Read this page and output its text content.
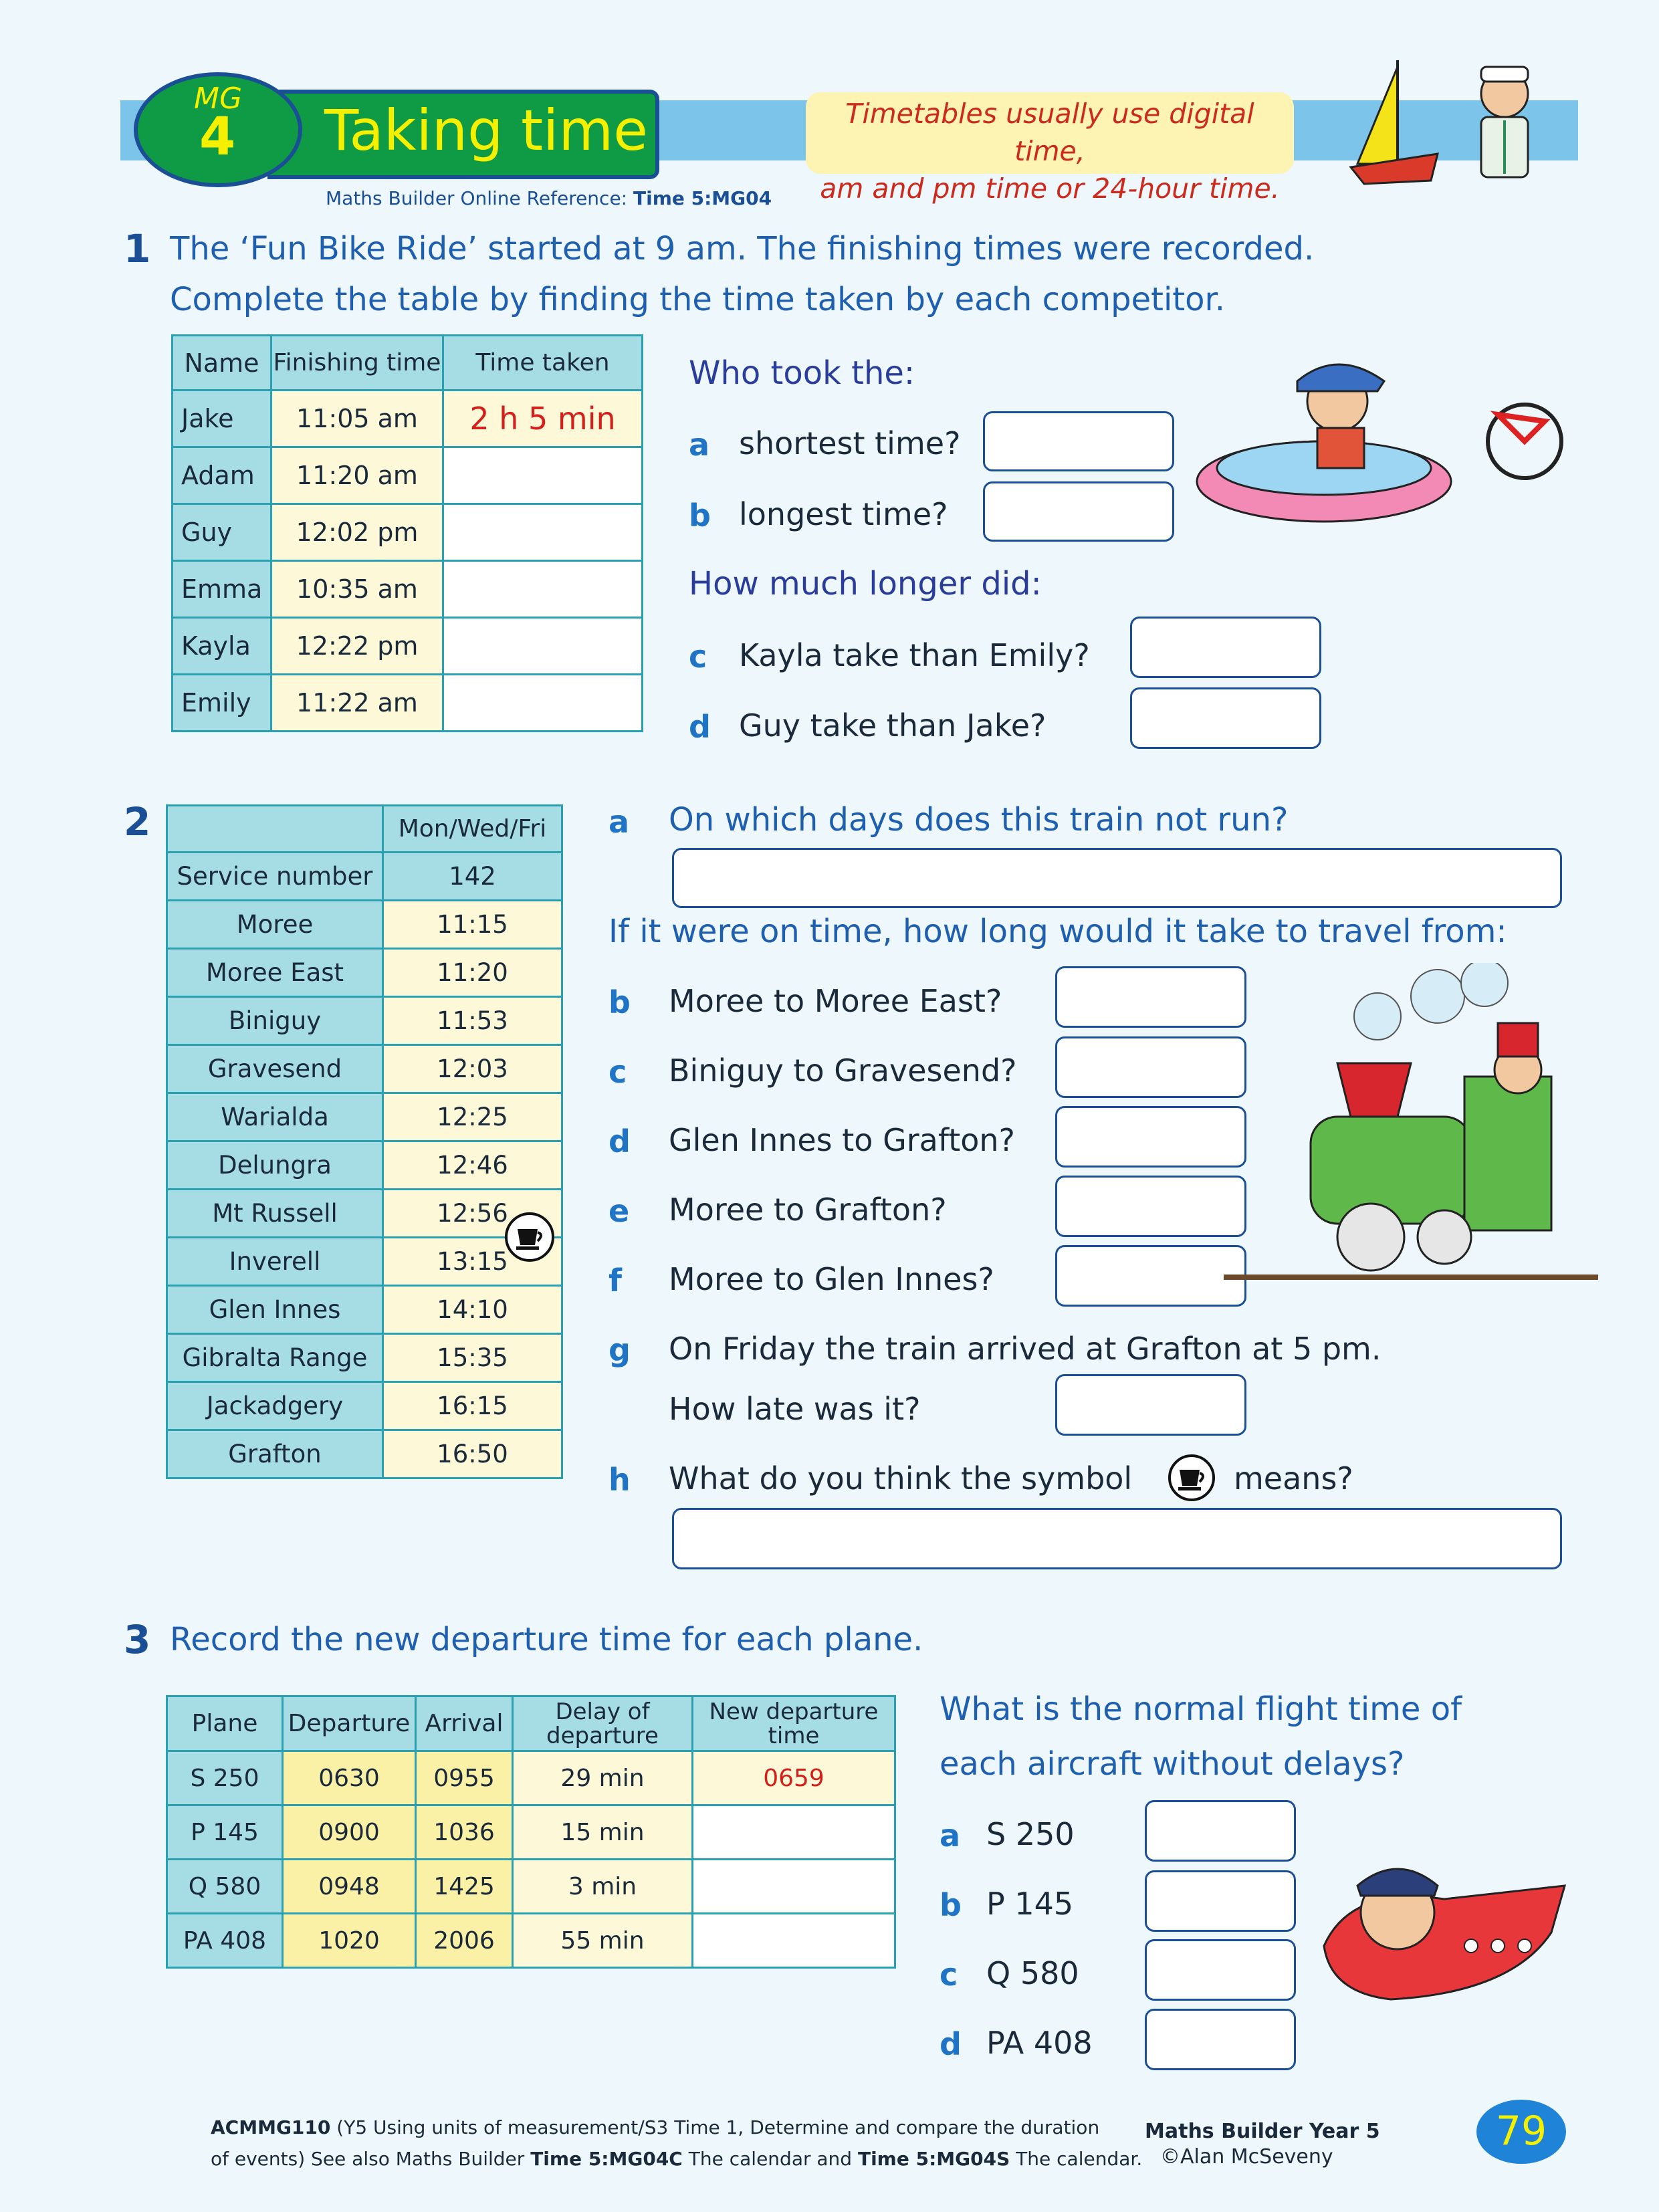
MG
4 Taking time	Timetables usually use digital time,
am and pm time or 24-hour time.
Maths Builder Online Reference: Time 5:MG04
1 The ‘Fun Bike Ride’ started at 9 am. The finishing times were recorded.
Complete the table by finding the time taken by each competitor.
Name	Finishing time	Time taken
Jake	11:05 am	2 h 5 min
Adam	11:20 am	
Guy	12:02 pm	
Emma	10:35 am	
Kayla	12:22 pm	
Emily	11:22 am	
Who took the:
a shortest time?
b longest time?
How much longer did:
c Kayla take than Emily?
d Guy take than Jake?
2
		Mon/Wed/Fri
Service number	142
Moree	11:15
Moree East	11:20
Biniguy	11:53
Gravesend	12:03
Warialda	12:25
Delungra	12:46
Mt Russell	12:56
Inverell	13:15
Glen Innes	14:10
Gibralta Range	15:35
Jackadgery	16:15
Grafton	16:50
a On which days does this train not run?
If it were on time, how long would it take to travel from:
b Moree to Moree East?
c Biniguy to Gravesend?
d Glen Innes to Grafton?
e Moree to Grafton?
f Moree to Glen Innes?
g On Friday the train arrived at Grafton at 5 pm.
How late was it?
h What do you think the symbol	means?
3 Record the new departure time for each plane.
Plane	Departure	Arrival	Delay of departure	New departure time
S 250	0630	0955	29 min	0659
P 145	0900	1036	15 min	
Q 580	0948	1425	3 min	
PA 408	1020	2006	55 min	
What is the normal flight time of
each aircraft without delays?
a S 250
b P 145
c Q 580
d PA 408
ACMMG110 (Y5 Using units of measurement/S3 Time 1, Determine and compare the duration
of events) See also Maths Builder Time 5:MG04C The calendar and Time 5:MG04S The calendar.
Maths Builder Year 5
©Alan McSeveny
79
